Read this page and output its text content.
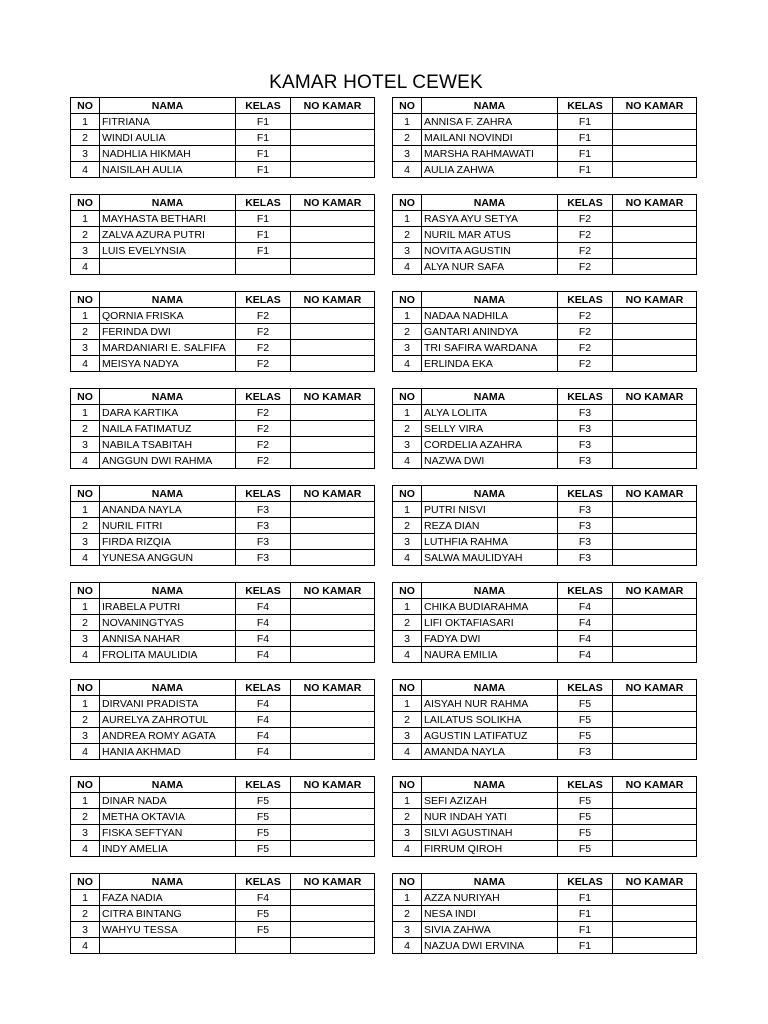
KAMAR HOTEL CEWEK
NO	NAMA	KELAS	NO KAMAR
1	FITRIANA	F1	
2	WINDI AULIA	F1	
3	NADHLIA HIKMAH	F1	
4	NAISILAH AULIA	F1	
NO	NAMA	KELAS	NO KAMAR
1	ANNISA F. ZAHRA	F1	
2	MAILANI NOVINDI	F1	
3	MARSHA RAHMAWATI	F1	
4	AULIA ZAHWA	F1	
NO	NAMA	KELAS	NO KAMAR
1	MAYHASTA BETHARI	F1	
2	ZALVA AZURA PUTRI	F1	
3	LUIS EVELYNSIA	F1	
4			
NO	NAMA	KELAS	NO KAMAR
1	RASYA AYU SETYA	F2	
2	NURIL MAR ATUS	F2	
3	NOVITA AGUSTIN	F2	
4	ALYA NUR SAFA	F2	
NO	NAMA	KELAS	NO KAMAR
1	QORNIA FRISKA	F2	
2	FERINDA DWI	F2	
3	MARDANIARI E. SALFIFA	F2	
4	MEISYA NADYA	F2	
NO	NAMA	KELAS	NO KAMAR
1	NADAA NADHILA	F2	
2	GANTARI ANINDYA	F2	
3	TRI SAFIRA WARDANA	F2	
4	ERLINDA EKA	F2	
NO	NAMA	KELAS	NO KAMAR
1	DARA KARTIKA	F2	
2	NAILA FATIMATUZ	F2	
3	NABILA TSABITAH	F2	
4	ANGGUN DWI RAHMA	F2	
NO	NAMA	KELAS	NO KAMAR
1	ALYA LOLITA	F3	
2	SELLY VIRA	F3	
3	CORDELIA AZAHRA	F3	
4	NAZWA DWI	F3	
NO	NAMA	KELAS	NO KAMAR
1	ANANDA NAYLA	F3	
2	NURIL FITRI	F3	
3	FIRDA RIZQIA	F3	
4	YUNESA ANGGUN	F3	
NO	NAMA	KELAS	NO KAMAR
1	PUTRI NISVI	F3	
2	REZA DIAN	F3	
3	LUTHFIA RAHMA	F3	
4	SALWA MAULIDYAH	F3	
NO	NAMA	KELAS	NO KAMAR
1	IRABELA PUTRI	F4	
2	NOVANINGTYAS	F4	
3	ANNISA NAHAR	F4	
4	FROLITA MAULIDIA	F4	
NO	NAMA	KELAS	NO KAMAR
1	CHIKA BUDIARAHMA	F4	
2	LIFI OKTAFIASARI	F4	
3	FADYA DWI	F4	
4	NAURA EMILIA	F4	
NO	NAMA	KELAS	NO KAMAR
1	DIRVANI PRADISTA	F4	
2	AURELYA ZAHROTUL	F4	
3	ANDREA ROMY AGATA	F4	
4	HANIA AKHMAD	F4	
NO	NAMA	KELAS	NO KAMAR
1	AISYAH NUR RAHMA	F5	
2	LAILATUS SOLIKHA	F5	
3	AGUSTIN LATIFATUZ	F5	
4	AMANDA NAYLA	F3	
NO	NAMA	KELAS	NO KAMAR
1	DINAR NADA	F5	
2	METHA OKTAVIA	F5	
3	FISKA SEFTYAN	F5	
4	INDY AMELIA	F5	
NO	NAMA	KELAS	NO KAMAR
1	SEFI AZIZAH	F5	
2	NUR INDAH YATI	F5	
3	SILVI AGUSTINAH	F5	
4	FIRRUM QIROH	F5	
NO	NAMA	KELAS	NO KAMAR
1	FAZA NADIA	F4	
2	CITRA BINTANG	F5	
3	WAHYU TESSA	F5	
4			
NO	NAMA	KELAS	NO KAMAR
1	AZZA NURIYAH	F1	
2	NESA INDI	F1	
3	SIVIA ZAHWA	F1	
4	NAZUA DWI ERVINA	F1	
